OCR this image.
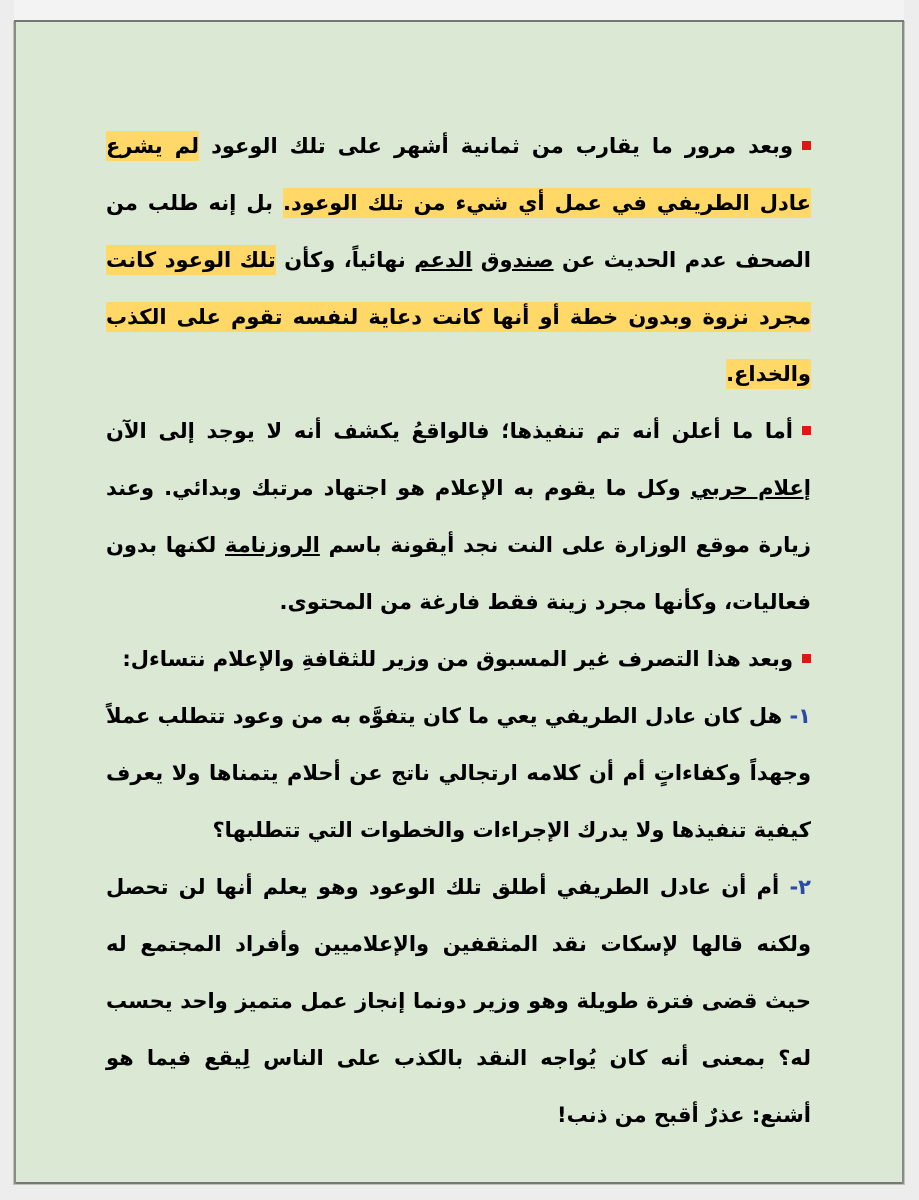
وبعد مرور ما يقارب من ثمانية أشهر على تلك الوعود لم يشرع عادل الطريفي في عمل أي شيء من تلك الوعود. بل إنه طلب من الصحف عدم الحديث عن صندوق الدعم نهائياً، وكأن تلك الوعود كانت مجرد نزوة وبدون خطة أو أنها كانت دعاية لنفسه تقوم على الكذب والخداع.

أما ما أعلن أنه تم تنفيذها؛ فالواقعُ يكشف أنه لا يوجد إلى الآن إعلام حربي وكل ما يقوم به الإعلام هو اجتهاد مرتبك وبدائي. وعند زيارة موقع الوزارة على النت نجد أيقونة باسم الروزنامة لكنها بدون فعاليات، وكأنها مجرد زينة فقط فارغة من المحتوى.

وبعد هذا التصرف غير المسبوق من وزير للثقافةِ والإعلام نتساءل:

١- هل كان عادل الطريفي يعي ما كان يتفوَّه به من وعود تتطلب عملاً وجهداً وكفاءاتٍ أم أن كلامه ارتجالي ناتج عن أحلام يتمناها ولا يعرف كيفية تنفيذها ولا يدرك الإجراءات والخطوات التي تتطلبها؟

٢- أم أن عادل الطريفي أطلق تلك الوعود وهو يعلم أنها لن تحصل ولكنه قالها لإسكات نقد المثقفين والإعلاميين وأفراد المجتمع له حيث قضى فترة طويلة وهو وزير دونما إنجاز عمل متميز واحد يحسب له؟ بمعنى أنه كان يُواجه النقد بالكذب على الناس لِيقع فيما هو أشنع: عذرٌ أقبح من ذنب!
